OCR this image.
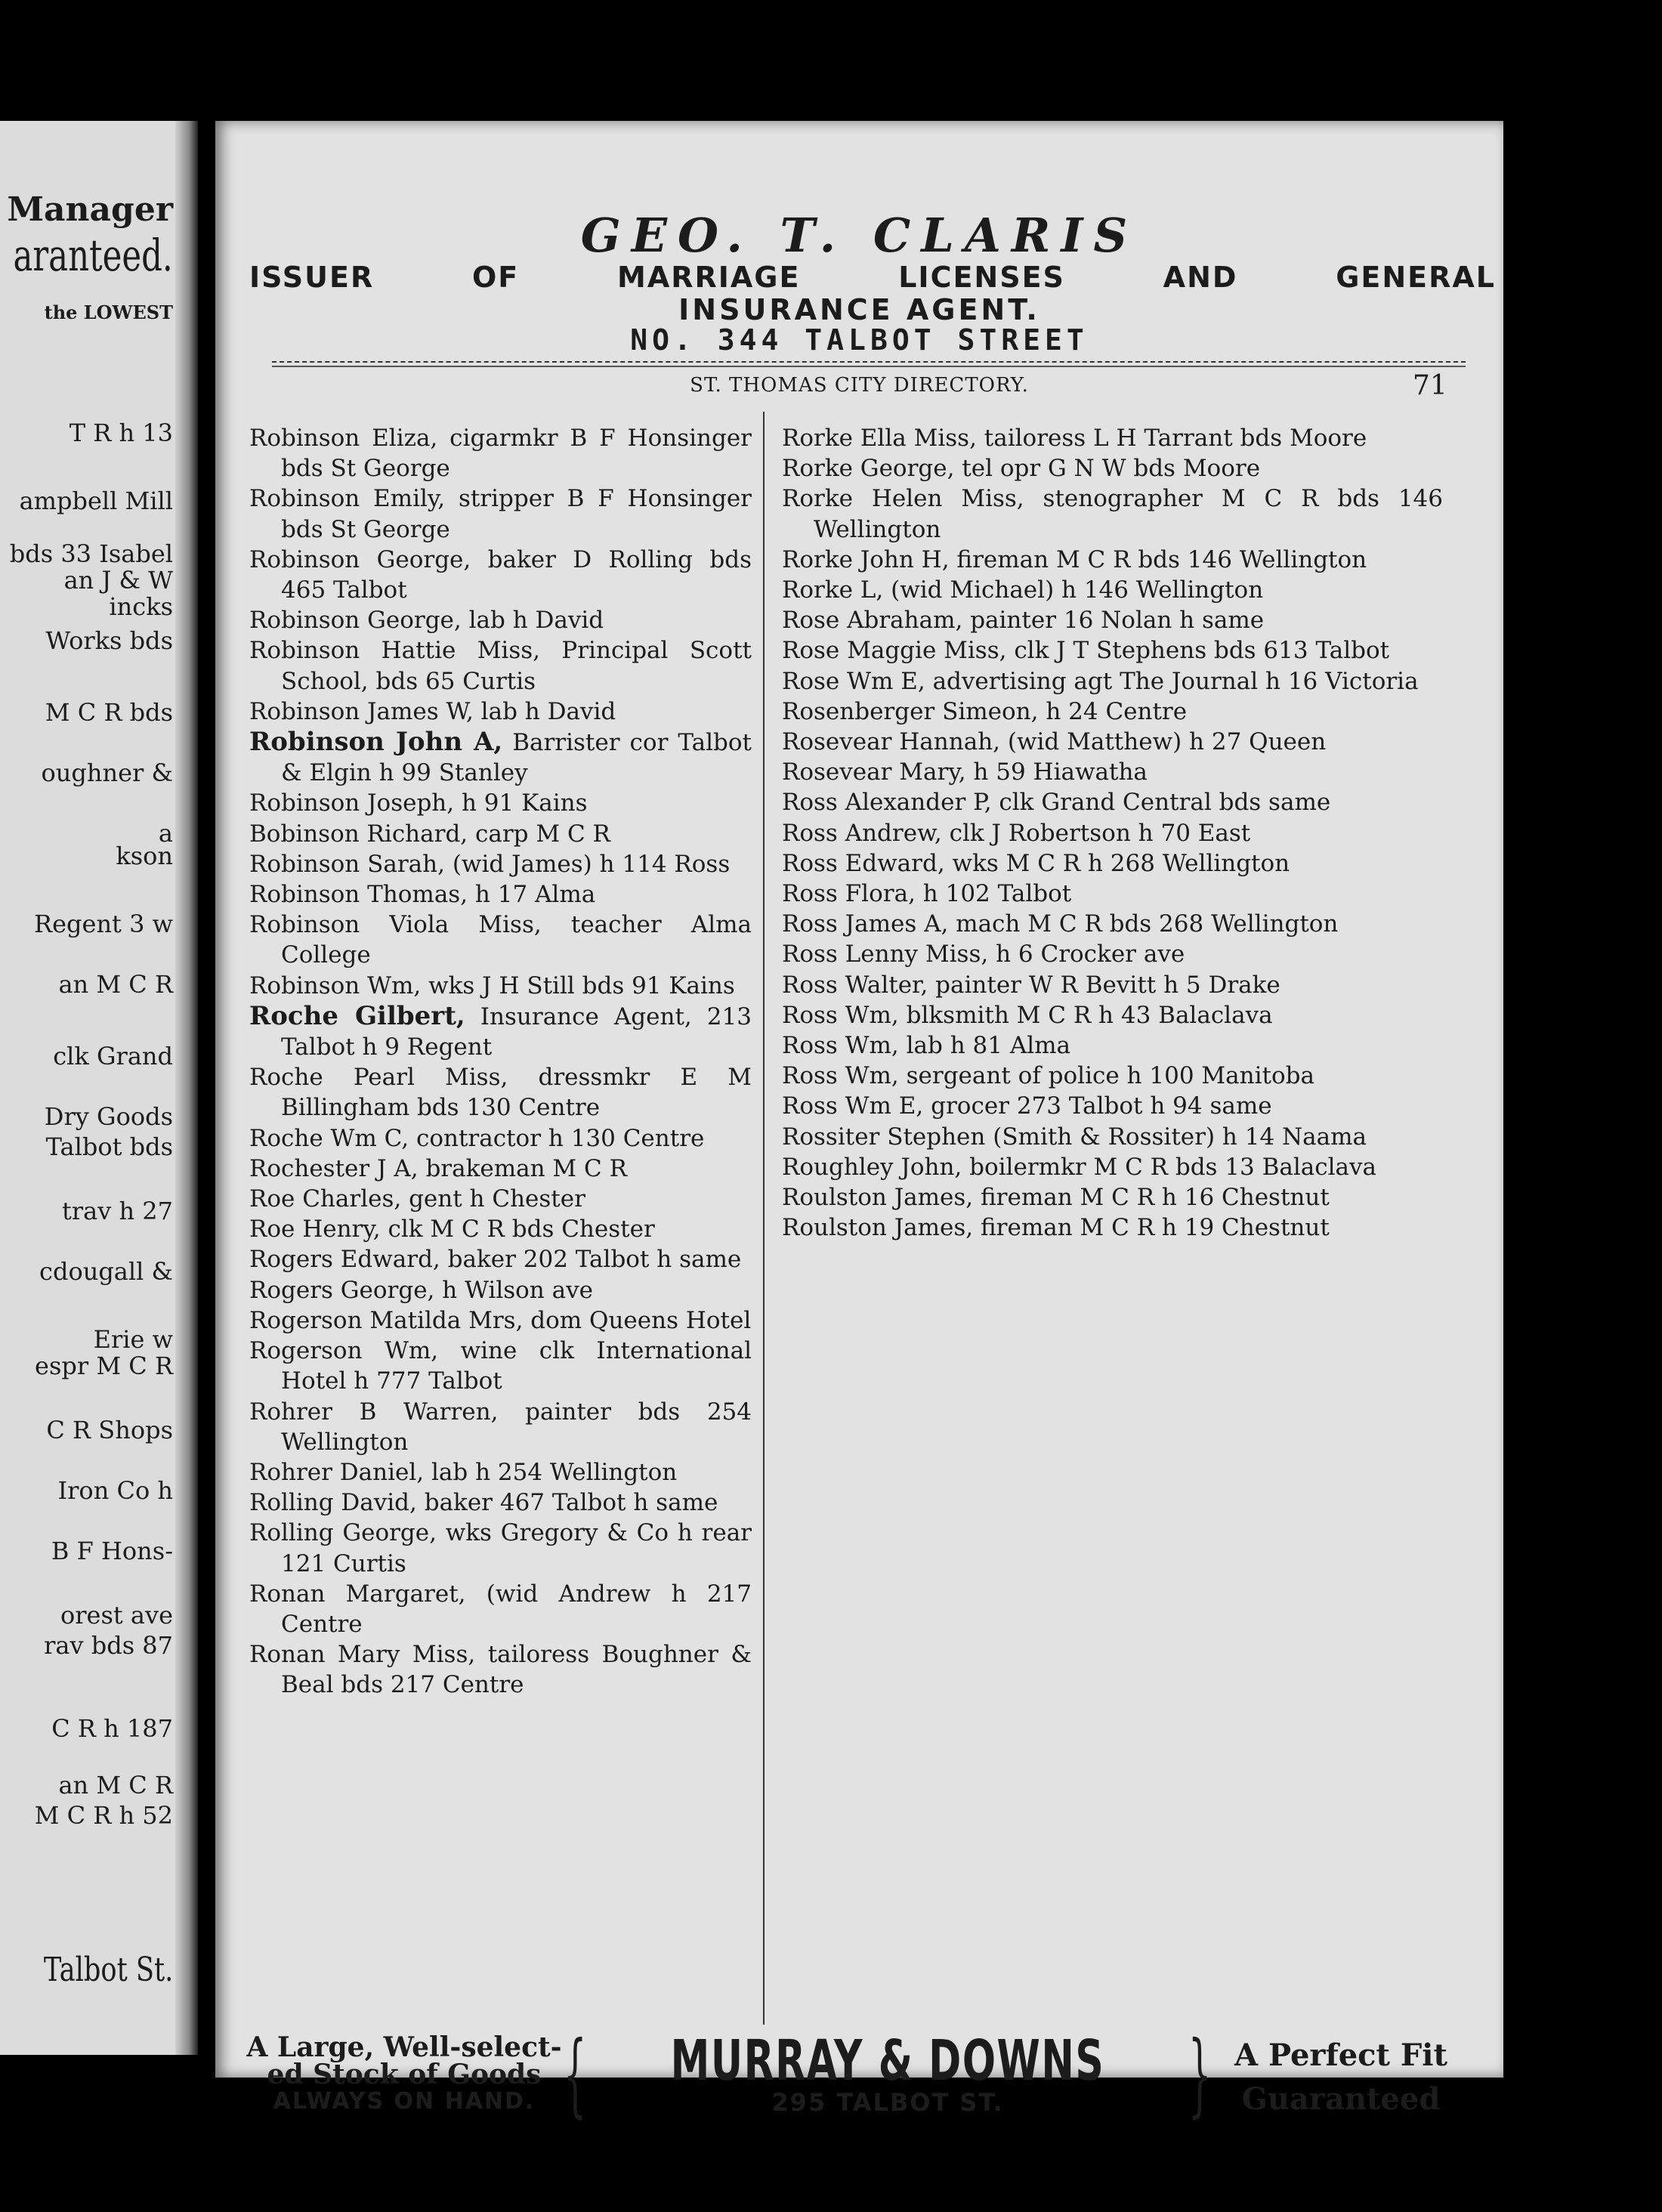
Manager
aranteed.
the LOWEST
T R h 13
ampbell Mill
bds 33 Isabel
an J & W
incks
Works bds
M C R bds
oughner &
a
kson
Regent 3 w
an M C R
clk Grand
Dry Goods
Talbot bds
trav h 27
cdougall &
Erie w
espr M C R
C R Shops
Iron Co h
B F Hons-
orest ave
rav bds 87
C R h 187
an M C R
M C R h 52
Talbot St.
GEO. T. CLARIS
ISSUER	OF	MARRIAGE	LICENSES	AND	GENERAL
INSURANCE AGENT.
NO. 344 TALBOT STREET
ST. THOMAS CITY DIRECTORY.	71

Robinson Eliza, cigarmkr B F Honsinger bds St George

Robinson Emily, stripper B F Honsinger bds St George

Robinson George, baker D Rolling bds 465 Talbot

Robinson George, lab h David

Robinson Hattie Miss, Principal Scott School, bds 65 Curtis

Robinson James W, lab h David

Robinson John A, Barrister cor Talbot & Elgin h 99 Stanley

Robinson Joseph, h 91 Kains

Bobinson Richard, carp M C R

Robinson Sarah, (wid James) h 114 Ross

Robinson Thomas, h 17 Alma

Robinson Viola Miss, teacher Alma College

Robinson Wm, wks J H Still bds 91 Kains

Roche Gilbert, Insurance Agent, 213 Talbot h 9 Regent

Roche Pearl Miss, dressmkr E M Billingham bds 130 Centre

Roche Wm C, contractor h 130 Centre

Rochester J A, brakeman M C R

Roe Charles, gent h Chester

Roe Henry, clk M C R bds Chester

Rogers Edward, baker 202 Talbot h same

Rogers George, h Wilson ave

Rogerson Matilda Mrs, dom Queens Hotel

Rogerson Wm, wine clk International Hotel h 777 Talbot

Rohrer B Warren, painter bds 254 Wellington

Rohrer Daniel, lab h 254 Wellington

Rolling David, baker 467 Talbot h same

Rolling George, wks Gregory & Co h rear 121 Curtis

Ronan Margaret, (wid Andrew h 217 Centre

Ronan Mary Miss, tailoress Boughner & Beal bds 217 Centre

Rorke Ella Miss, tailoress L H Tarrant bds Moore

Rorke George, tel opr G N W bds Moore

Rorke Helen Miss, stenographer M C R bds 146 Wellington

Rorke John H, fireman M C R bds 146 Wellington

Rorke L, (wid Michael) h 146 Wellington

Rose Abraham, painter 16 Nolan h same

Rose Maggie Miss, clk J T Stephens bds 613 Talbot

Rose Wm E, advertising agt The Journal h 16 Victoria

Rosenberger Simeon, h 24 Centre

Rosevear Hannah, (wid Matthew) h 27 Queen

Rosevear Mary, h 59 Hiawatha

Ross Alexander P, clk Grand Central bds same

Ross Andrew, clk J Robertson h 70 East

Ross Edward, wks M C R h 268 Wellington

Ross Flora, h 102 Talbot

Ross James A, mach M C R bds 268 Wellington

Ross Lenny Miss, h 6 Crocker ave

Ross Walter, painter W R Bevitt h 5 Drake

Ross Wm, blksmith M C R h 43 Balaclava

Ross Wm, lab h 81 Alma

Ross Wm, sergeant of police h 100 Manitoba

Ross Wm E, grocer 273 Talbot h 94 same

Rossiter Stephen (Smith & Rossiter) h 14 Naama

Roughley John, boilermkr M C R bds 13 Balaclava

Roulston James, fireman M C R h 16 Chestnut

Roulston James, fireman M C R h 19 Chestnut

A Large, Well-select-
ed Stock of Goods
ALWAYS ON HAND. {	MURRAY & DOWNS
295 TALBOT ST.	} A Perfect Fit
Guaranteed
